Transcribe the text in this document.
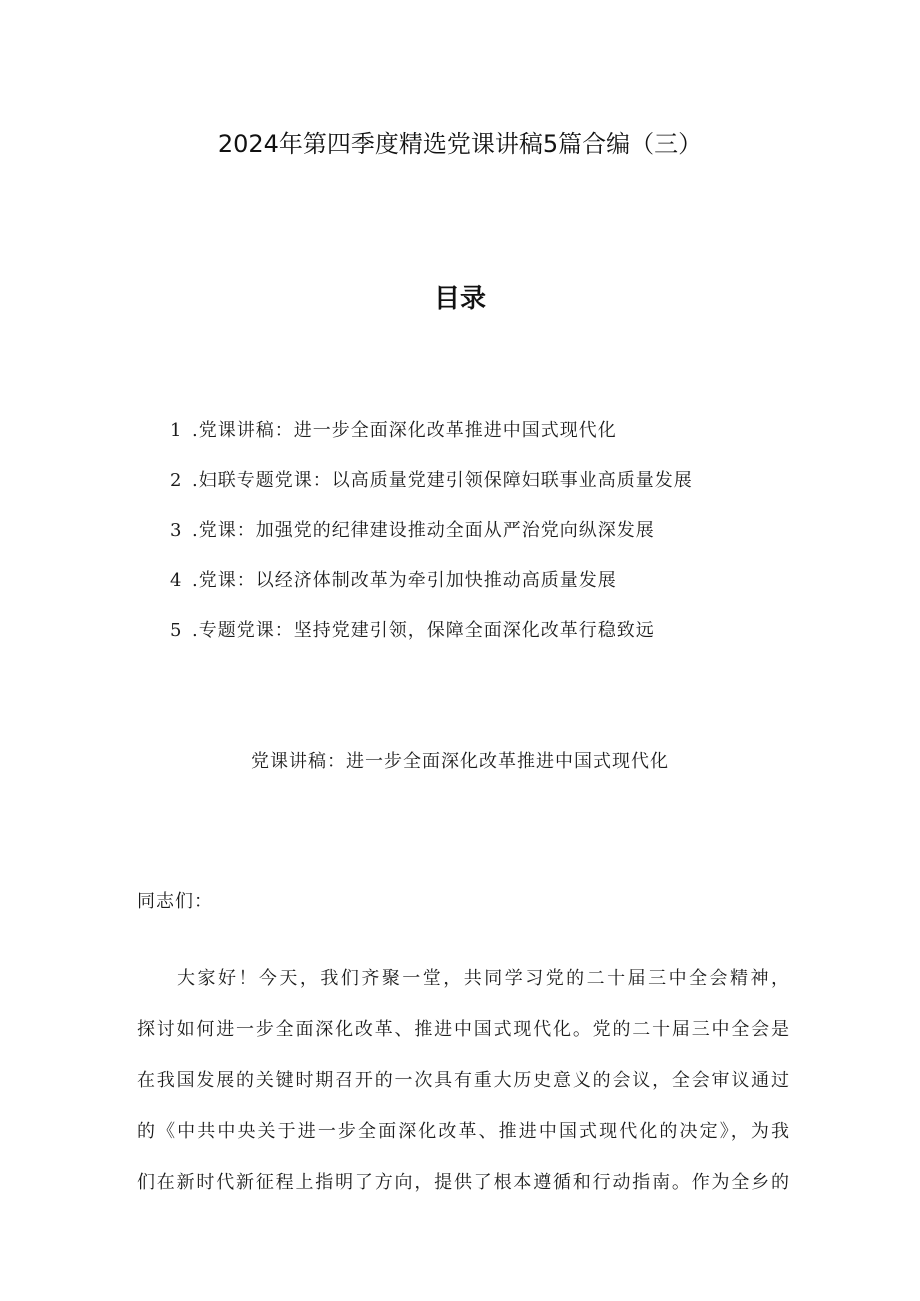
2024年第四季度精选党课讲稿5篇合编（三）
目录
1 .党课讲稿：进一步全面深化改革推进中国式现代化
2 .妇联专题党课：以高质量党建引领保障妇联事业高质量发展
3 .党课：加强党的纪律建设推动全面从严治党向纵深发展
4 .党课：以经济体制改革为牵引加快推动高质量发展
5 .专题党课：坚持党建引领，保障全面深化改革行稳致远
党课讲稿：进一步全面深化改革推进中国式现代化
同志们：
大家好！今天，我们齐聚一堂，共同学习党的二十届三中全会精神，
探讨如何进一步全面深化改革、推进中国式现代化。党的二十届三中全会是
在我国发展的关键时期召开的一次具有重大历史意义的会议，全会审议通过
的《中共中央关于进一步全面深化改革、推进中国式现代化的决定》，为我
们在新时代新征程上指明了方向，提供了根本遵循和行动指南。作为全乡的
